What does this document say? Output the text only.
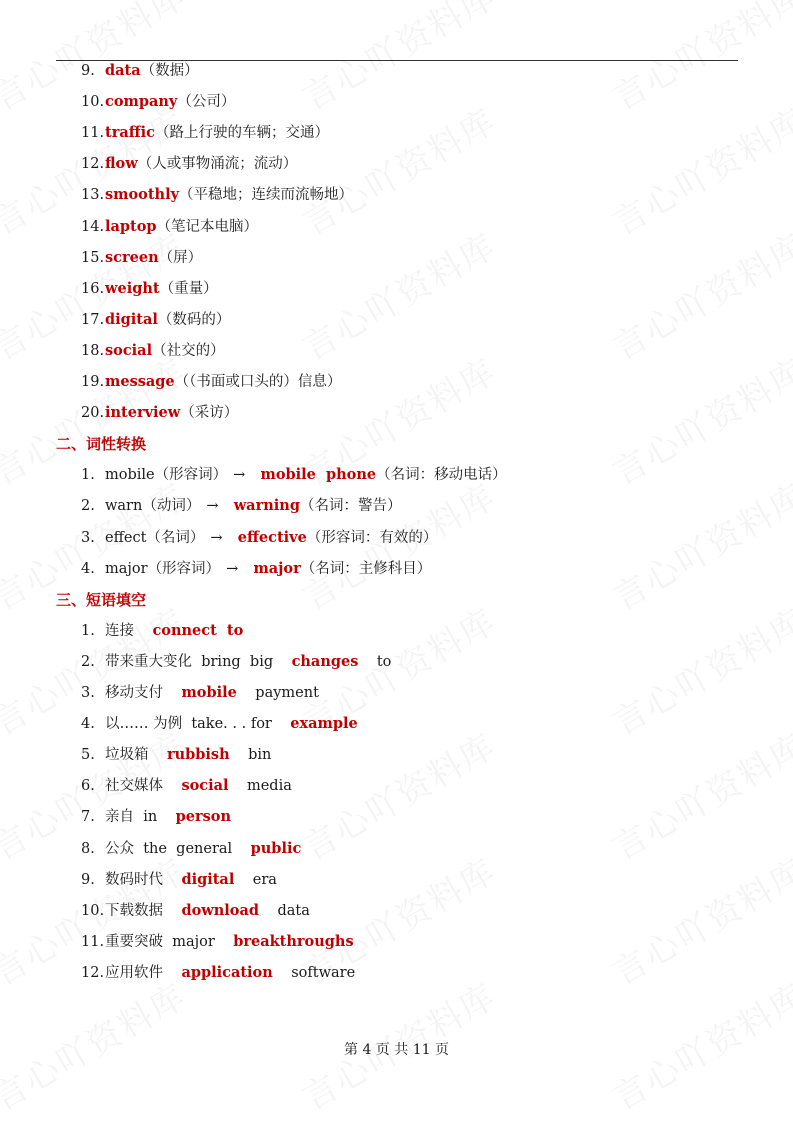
9. data（数据）
10.company（公司）
11.traffic（路上行驶的车辆；交通）
12.flow（人或事物涌流；流动）
13.smoothly（平稳地；连续而流畅地）
14.laptop（笔记本电脑）
15.screen（屏）
16.weight（重量）
17.digital（数码的）
18.social（社交的）
19.message（（书面或口头的）信息）
20.interview（采访）
二、词性转换
1. mobile（形容词） → mobile  phone（名词：移动电话）
2. warn（动词） → warning（名词：警告）
3. effect（名词） → effective（形容词：有效的）
4. major（形容词） → major（名词：主修科目）
三、短语填空
1. 连接 connect  to
2. 带来重大变化 bring  big changes to
3. 移动支付 mobile payment
4. 以…… 为例 take. . . for example
5. 垃圾箱 rubbish bin
6. 社交媒体 social media
7. 亲自 in person
8. 公众 the  general public
9. 数码时代 digital era
10.下载数据 download data
11.重要突破 major breakthroughs
12.应用软件 application software
第 4 页 共 11 页
